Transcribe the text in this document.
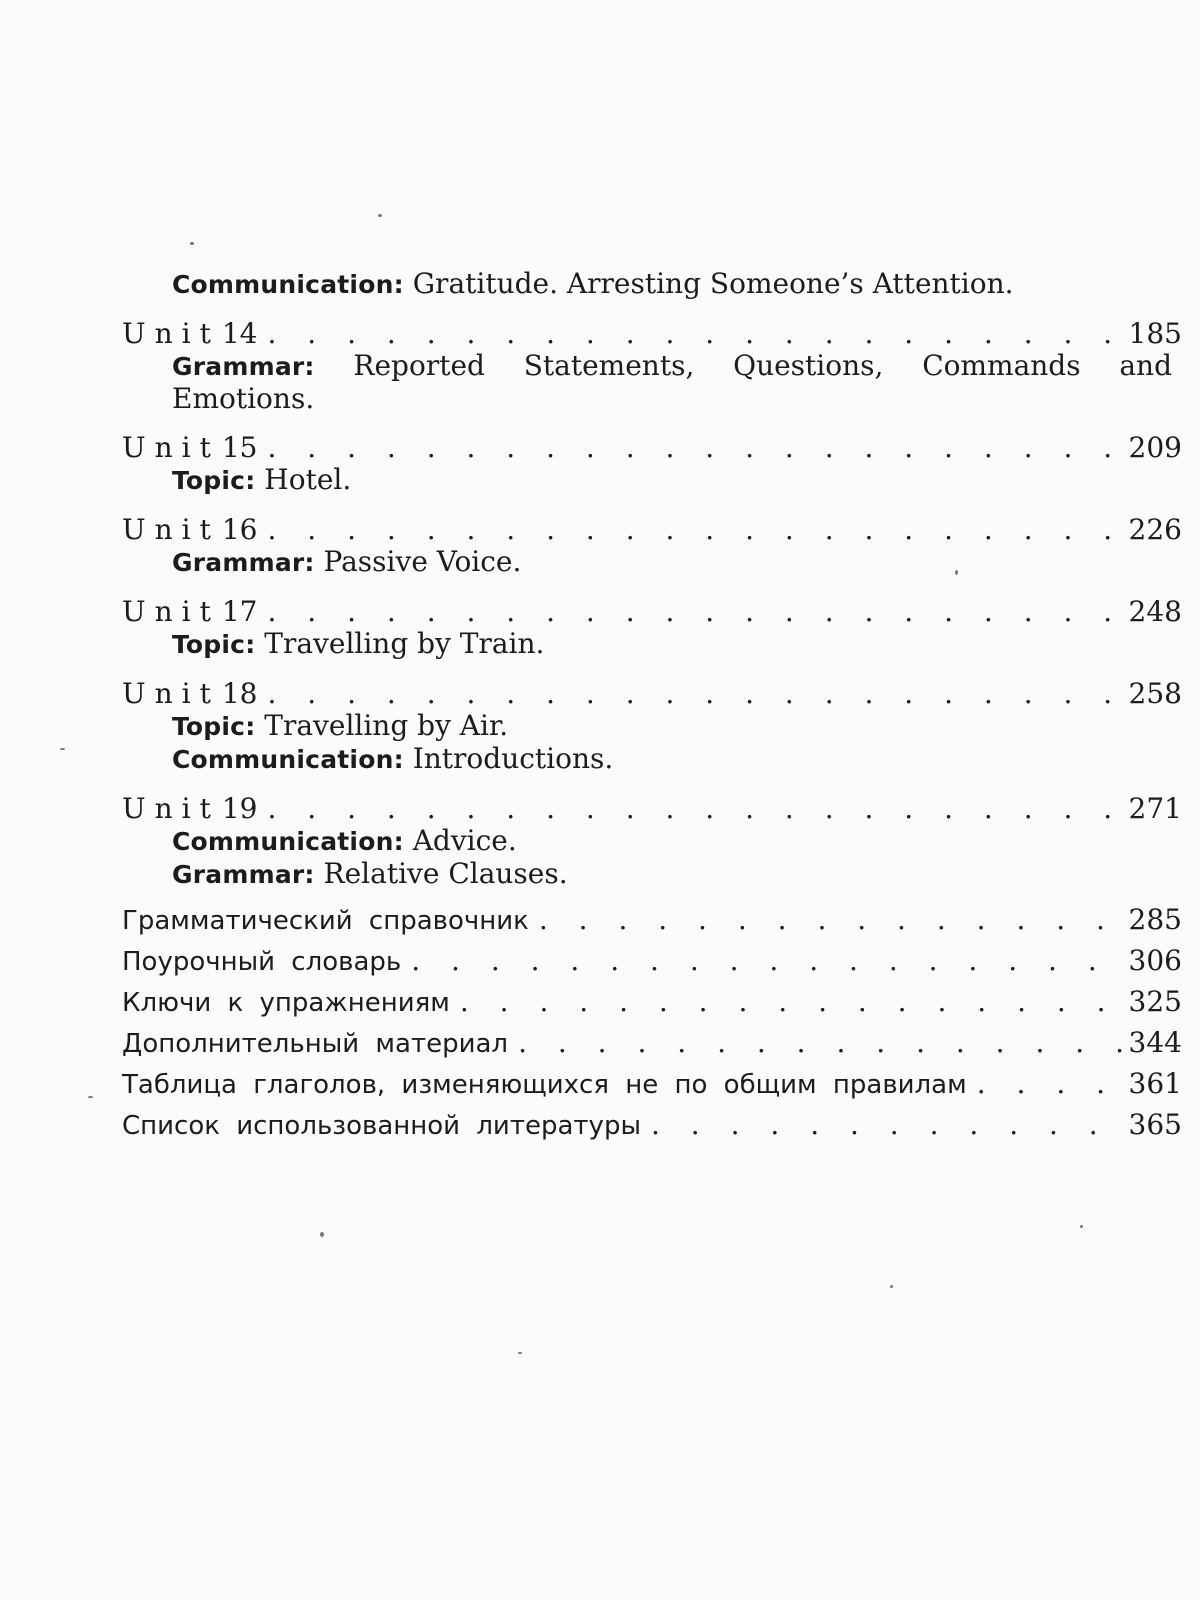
Communication: Gratitude. Arresting Someone’s Attention.
Unit 14 . . .	185
Grammar: Reported Statements, Questions, Commands and Emotions.
Unit 15 . . .	209
Topic: Hotel.
Unit 16 . . .	226
Grammar: Passive Voice.
Unit 17 . . .	248
Topic: Travelling by Train.
Unit 18 . . .	258
Topic: Travelling by Air.
Communication: Introductions.
Unit 19 . . .	271
Communication: Advice.
Grammar: Relative Clauses.
Грамматический справочник . . .	285
Поурочный словарь . . .	306
Ключи к упражнениям . . .	325
Дополнительный материал . . .	344
Таблица глаголов, изменяющихся не по общим правилам . . .	361
Список использованной литературы . . .	365
